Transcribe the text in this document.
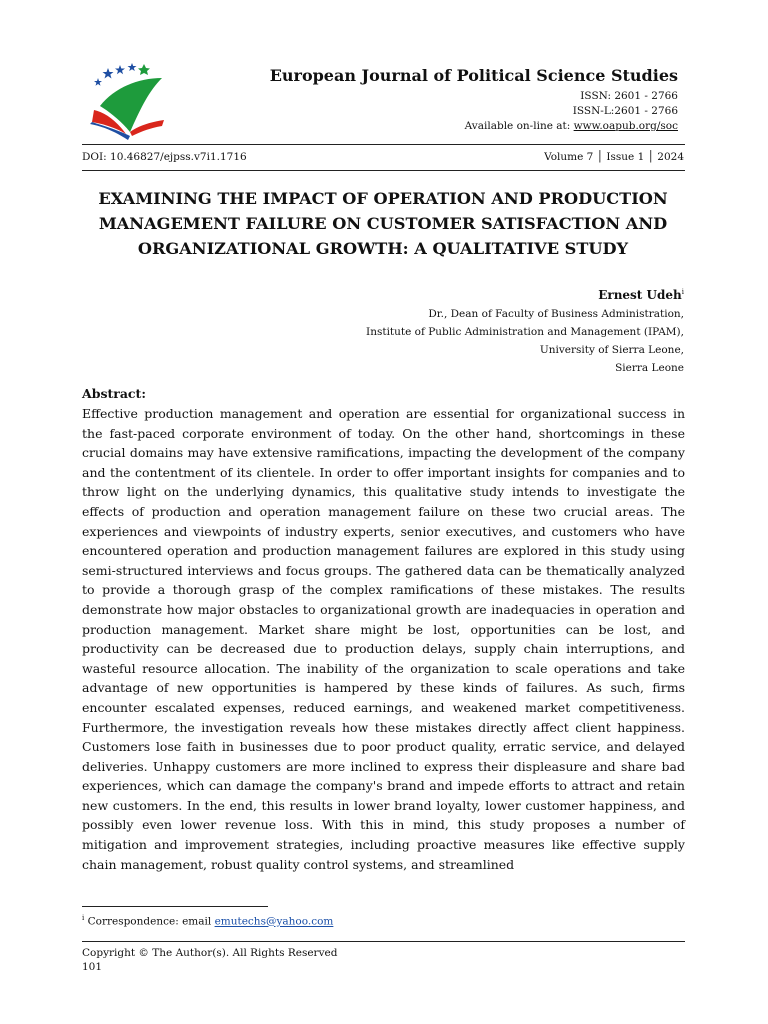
European Journal of Political Science Studies
ISSN: 2601 - 2766
ISSN-L:2601 - 2766
Available on-line at: www.oapub.org/soc
DOI: 10.46827/ejpss.v7i1.1716	Volume 7 │ Issue 1 │ 2024
EXAMINING THE IMPACT OF OPERATION AND PRODUCTION MANAGEMENT FAILURE ON CUSTOMER SATISFACTION AND ORGANIZATIONAL GROWTH: A QUALITATIVE STUDY
Ernest Udeh$^i$
Dr., Dean of Faculty of Business Administration,
Institute of Public Administration and Management (IPAM),
University of Sierra Leone,
Sierra Leone
Abstract:

Effective production management and operation are essential for organizational success in the fast-paced corporate environment of today. On the other hand, shortcomings in these crucial domains may have extensive ramifications, impacting the development of the company and the contentment of its clientele. In order to offer important insights for companies and to throw light on the underlying dynamics, this qualitative study intends to investigate the effects of production and operation management failure on these two crucial areas. The experiences and viewpoints of industry experts, senior executives, and customers who have encountered operation and production management failures are explored in this study using semi-structured interviews and focus groups. The gathered data can be thematically analyzed to provide a thorough grasp of the complex ramifications of these mistakes. The results demonstrate how major obstacles to organizational growth are inadequacies in operation and production management. Market share might be lost, opportunities can be lost, and productivity can be decreased due to production delays, supply chain interruptions, and wasteful resource allocation. The inability of the organization to scale operations and take advantage of new opportunities is hampered by these kinds of failures. As such, firms encounter escalated expenses, reduced earnings, and weakened market competitiveness. Furthermore, the investigation reveals how these mistakes directly affect client happiness. Customers lose faith in businesses due to poor product quality, erratic service, and delayed deliveries. Unhappy customers are more inclined to express their displeasure and share bad experiences, which can damage the company's brand and impede efforts to attract and retain new customers. In the end, this results in lower brand loyalty, lower customer happiness, and possibly even lower revenue loss. With this in mind, this study proposes a number of mitigation and improvement strategies, including proactive measures like effective supply chain management, robust quality control systems, and streamlined

$^i$ Correspondence: email emutechs@yahoo.com
Copyright © The Author(s). All Rights Reserved
101
